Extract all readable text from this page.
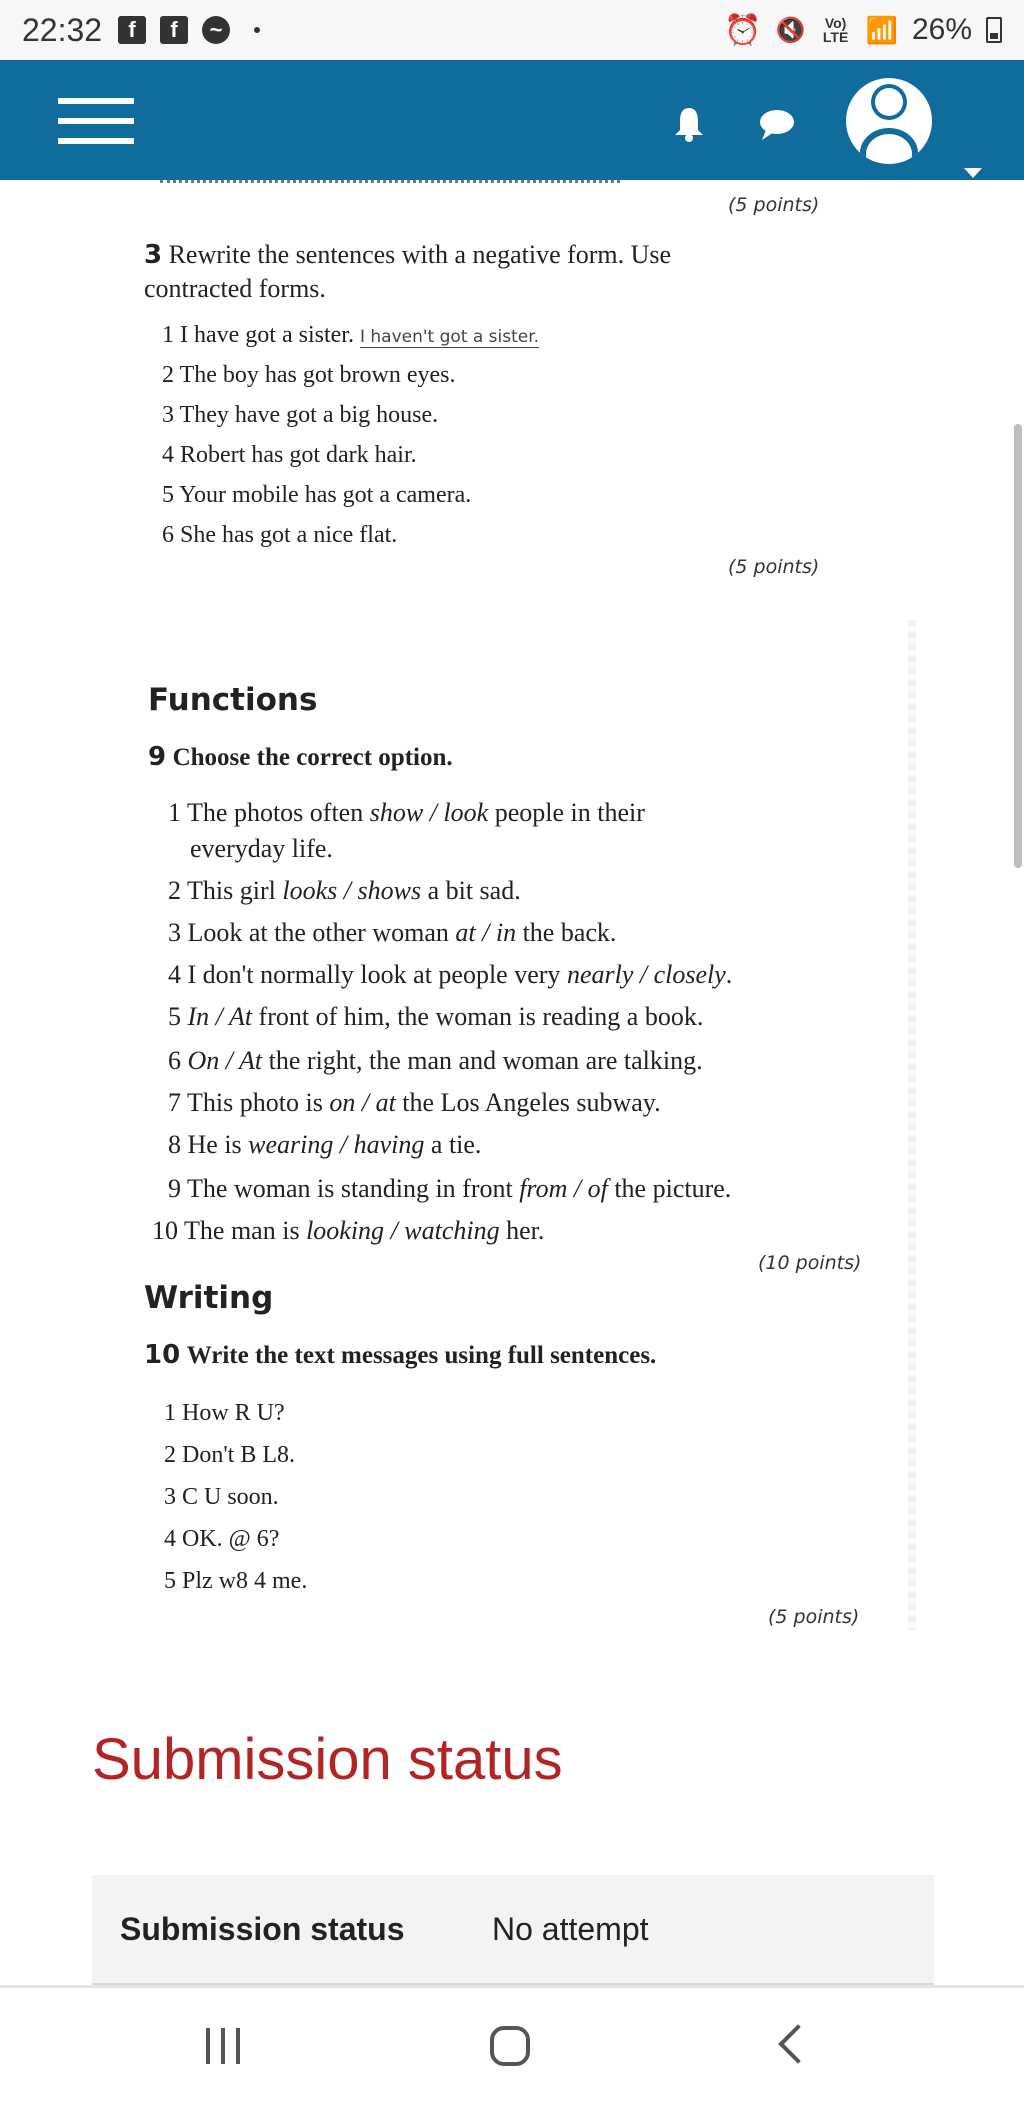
22:32	f	f	~	⏰ 🔇	Vo) LTE 📶 26%
(5 points)
3 Rewrite the sentences with a negative form. Use
contracted forms.
1 I have got a sister. I haven't got a sister.
2 The boy has got brown eyes.
3 They have got a big house.
4 Robert has got dark hair.
5 Your mobile has got a camera.
6 She has got a nice flat.
(5 points)
Functions
9 Choose the correct option.
1 The photos often show / look people in their
everyday life.
2 This girl looks / shows a bit sad.
3 Look at the other woman at / in the back.
4 I don't normally look at people very nearly / closely.
5 In / At front of him, the woman is reading a book.
6 On / At the right, the man and woman are talking.
7 This photo is on / at the Los Angeles subway.
8 He is wearing / having a tie.
9 The woman is standing in front from / of the picture.
10 The man is looking / watching her.
(10 points)
Writing
10 Write the text messages using full sentences.
1 How R U?
2 Don't B L8.
3 C U soon.
4 OK. @ 6?
5 Plz w8 4 me.
(5 points)
Submission status
Submission status	No attempt
